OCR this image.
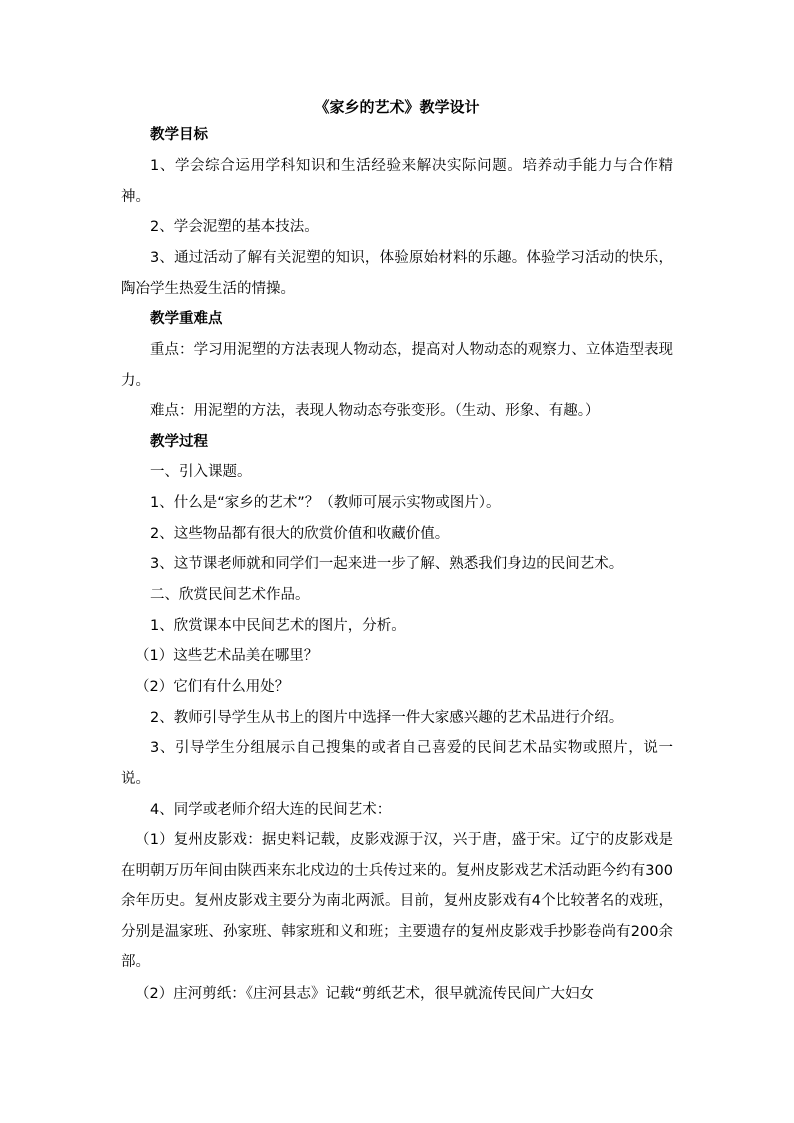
《家乡的艺术》教学设计
教学目标
1、学会综合运用学科知识和生活经验来解决实际问题。培养动手能力与合作精神。
2、学会泥塑的基本技法。
3、通过活动了解有关泥塑的知识，体验原始材料的乐趣。体验学习活动的快乐，陶冶学生热爱生活的情操。
教学重难点
重点：学习用泥塑的方法表现人物动态，提高对人物动态的观察力、立体造型表现力。
难点：用泥塑的方法，表现人物动态夸张变形。（生动、形象、有趣。）
教学过程
一、引入课题。
1、什么是“家乡的艺术”？（教师可展示实物或图片）。
2、这些物品都有很大的欣赏价值和收藏价值。
3、这节课老师就和同学们一起来进一步了解、熟悉我们身边的民间艺术。
二、欣赏民间艺术作品。
1、欣赏课本中民间艺术的图片，分析。
（1）这些艺术品美在哪里？
（2）它们有什么用处？
2、教师引导学生从书上的图片中选择一件大家感兴趣的艺术品进行介绍。
3、引导学生分组展示自己搜集的或者自己喜爱的民间艺术品实物或照片，说一说。
4、同学或老师介绍大连的民间艺术：
（1）复州皮影戏：据史料记载，皮影戏源于汉，兴于唐，盛于宋。辽宁的皮影戏是在明朝万历年间由陕西来东北戍边的士兵传过来的。复州皮影戏艺术活动距今约有300余年历史。复州皮影戏主要分为南北两派。目前，复州皮影戏有4个比较著名的戏班，分别是温家班、孙家班、韩家班和义和班；主要遗存的复州皮影戏手抄影卷尚有200余部。
（2）庄河剪纸：《庄河县志》记载“剪纸艺术，很早就流传民间广大妇女
